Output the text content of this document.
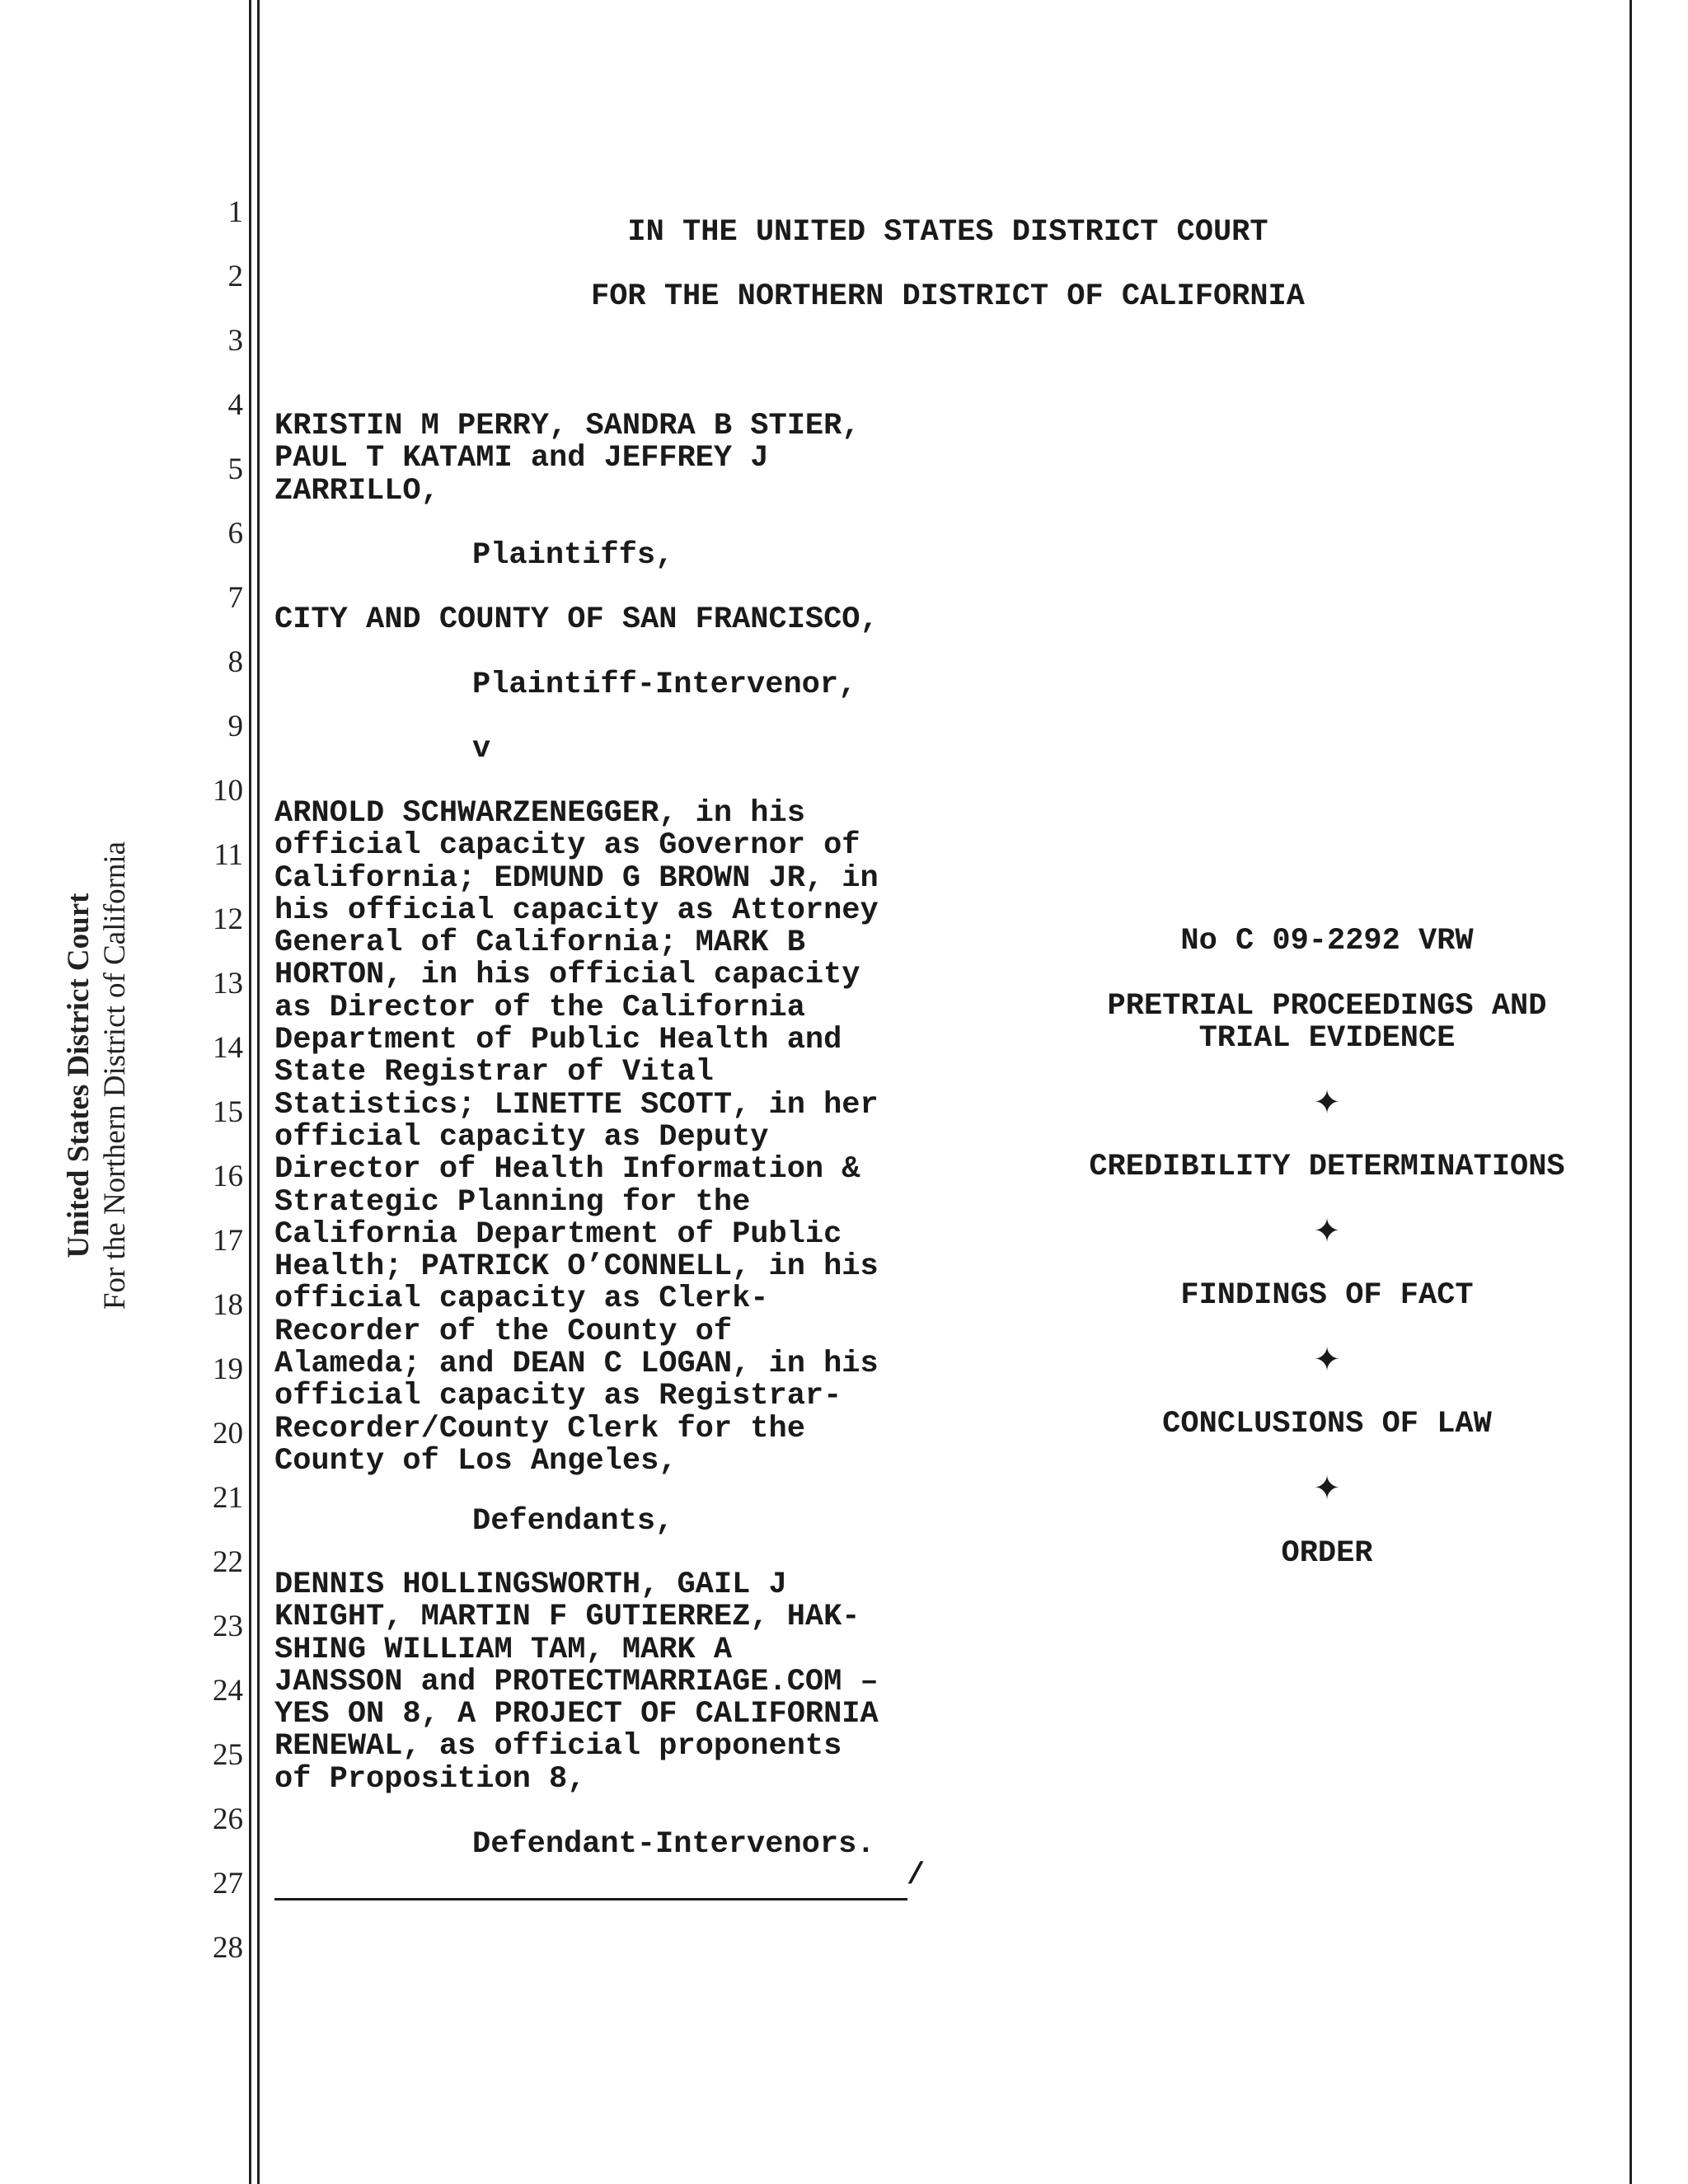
United States District Court For the Northern District of California
1
2
3
4
5
6
7
8
9
10
11
12
13
14
15
16
17
18
19
20
21
22
23
24
25
26
27
28
IN THE UNITED STATES DISTRICT COURT
FOR THE NORTHERN DISTRICT OF CALIFORNIA
KRISTIN M PERRY, SANDRA B STIER,
PAUL T KATAMI and JEFFREY J
ZARRILLO,
Plaintiffs,
CITY AND COUNTY OF SAN FRANCISCO,
Plaintiff-Intervenor,
v
ARNOLD SCHWARZENEGGER, in his
official capacity as Governor of
California; EDMUND G BROWN JR, in
his official capacity as Attorney
General of California; MARK B
HORTON, in his official capacity
as Director of the California
Department of Public Health and
State Registrar of Vital
Statistics; LINETTE SCOTT, in her
official capacity as Deputy
Director of Health Information &
Strategic Planning for the
California Department of Public
Health; PATRICK O’CONNELL, in his
official capacity as Clerk-
Recorder of the County of
Alameda; and DEAN C LOGAN, in his
official capacity as Registrar-
Recorder/County Clerk for the
County of Los Angeles,
Defendants,
DENNIS HOLLINGSWORTH, GAIL J
KNIGHT, MARTIN F GUTIERREZ, HAK-
SHING WILLIAM TAM, MARK A
JANSSON and PROTECTMARRIAGE.COM –
YES ON 8, A PROJECT OF CALIFORNIA
RENEWAL, as official proponents
of Proposition 8,
Defendant-Intervenors.
/
No C 09-2292 VRW
PRETRIAL PROCEEDINGS AND
TRIAL EVIDENCE
✦
CREDIBILITY DETERMINATIONS
✦
FINDINGS OF FACT
✦
CONCLUSIONS OF LAW
✦
ORDER
